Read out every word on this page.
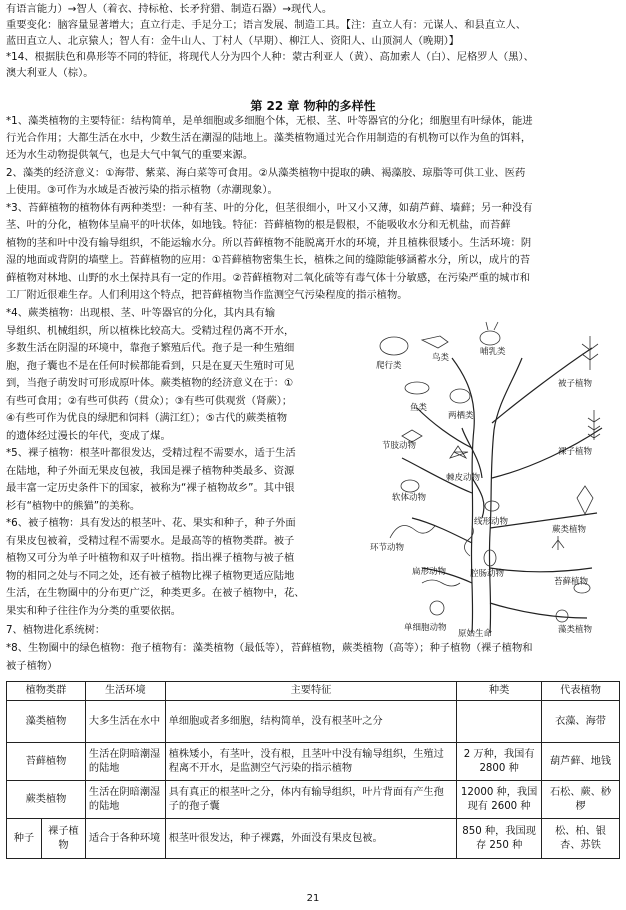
有语言能力）→智人（着衣、持标枪、长矛狩猎、制造石器）→现代人。
重要变化：脑容量显著增大；直立行走、手足分工；语言发展、制造工具。【注：直立人有：元谋人、和县直立人、
蓝田直立人、北京猿人；智人有：金牛山人、丁村人（早期）、柳江人、资阳人、山顶洞人（晚期）】
*14、根据肤色和鼻形等不同的特征，将现代人分为四个人种：蒙古利亚人（黄）、高加索人（白）、尼格罗人（黑）、
澳大利亚人（棕）。
第 22 章 物种的多样性
*1、藻类植物的主要特征：结构简单，是单细胞或多细胞个体，无根、茎、叶等器官的分化；细胞里有叶绿体，能进
行光合作用；大都生活在水中，少数生活在潮湿的陆地上。藻类植物通过光合作用制造的有机物可以作为鱼的饵料，
还为水生动物提供氧气，也是大气中氧气的重要来源。
2、藻类的经济意义：①海带、紫菜、海白菜等可食用。②从藻类植物中提取的碘、褐藻胶、琼脂等可供工业、医药
上使用。③可作为水域是否被污染的指示植物（赤潮现象）。
*3、苔藓植物的植物体有两种类型：一种有茎、叶的分化，但茎很细小，叶又小又薄，如葫芦藓、墙藓；另一种没有
茎、叶的分化，植物体呈扁平的叶状体，如地钱。特征：苔藓植物的根是假根，不能吸收水分和无机盐，而苔藓
植物的茎和叶中没有输导组织，不能运输水分。所以苔藓植物不能脱离开水的环境，并且植株很矮小。生活环境：阴
湿的地面或背阴的墙壁上。苔藓植物的应用：①苔藓植物密集生长，植株之间的缝隙能够涵蓄水分，所以，成片的苔
藓植物对林地、山野的水土保持具有一定的作用。②苔藓植物对二氧化硫等有毒气体十分敏感，在污染严重的城市和
工厂附近很难生存。人们利用这个特点，把苔藓植物当作监测空气污染程度的指示植物。
*4、蕨类植物：出现根、茎、叶等器官的分化，其内具有输
导组织、机械组织，所以植株比较高大。受精过程仍离不开水，
多数生活在阴湿的环境中，靠孢子繁殖后代。孢子是一种生殖细
胞，孢子囊也不是在任何时候都能看到，只是在夏天生殖时可见
到，当孢子萌发时可形成原叶体。蕨类植物的经济意义在于：①
有些可食用；②有些可供药（贯众）；③有些可供观赏（肾蕨）；
④有些可作为优良的绿肥和饲料（满江红）；⑤古代的蕨类植物
的遗体经过漫长的年代，变成了煤。
*5、裸子植物：根茎叶都很发达，受精过程不需要水，适于生活
在陆地，种子外面无果皮包被，我国是裸子植物种类最多、资源
最丰富一定历史条件下的国家，被称为“裸子植物故乡”。其中银
杉有“植物中的熊猫”的美称。
*6、被子植物：具有发达的根茎叶、花、果实和种子，种子外面
有果皮包被着，受精过程不需要水。是最高等的植物类群。被子
植物又可分为单子叶植物和双子叶植物。指出裸子植物与被子植
物的相同之处与不同之处，还有被子植物比裸子植物更适应陆地
生活，在生物圈中的分布更广泛，种类更多。在被子植物中，花、
果实和种子往往作为分类的重要依据。
7、植物进化系统树：
爬行类
鸟类
哺乳类
鱼类
两栖类
节肢动物
棘皮动物
软体动物
环节动物
线形动物
扁形动物	腔肠动物
单细胞动物
被子植物
裸子植物
蕨类植物
苔藓植物
藻类植物
原始生命
*8、生物圈中的绿色植物：孢子植物有：藻类植物（最低等），苔藓植物，蕨类植物（高等）；种子植物（裸子植物和
被子植物）
植物类群		生活环境	主要特征	种类	代表植物
藻类植物		大多生活在水中	单细胞或者多细胞，结构简单，没有根茎叶之分		衣藻、海带
苔藓植物		生活在阴暗潮湿的陆地	植株矮小，有茎叶，没有根，且茎叶中没有输导组织，生殖过程离不开水，是监测空气污染的指示植物	2 万种，我国有2800 种	葫芦藓、地钱
蕨类植物		生活在阴暗潮湿的陆地	具有真正的根茎叶之分，体内有输导组织，叶片背面有产生孢子的孢子囊	12000 种，我国现有 2600 种	石松、蕨、桫椤
种子	裸子植物	适合于各种环境	根茎叶很发达，种子裸露，外面没有果皮包被。	850 种，我国现存 250 种	松、柏、银杏、苏铁
21
